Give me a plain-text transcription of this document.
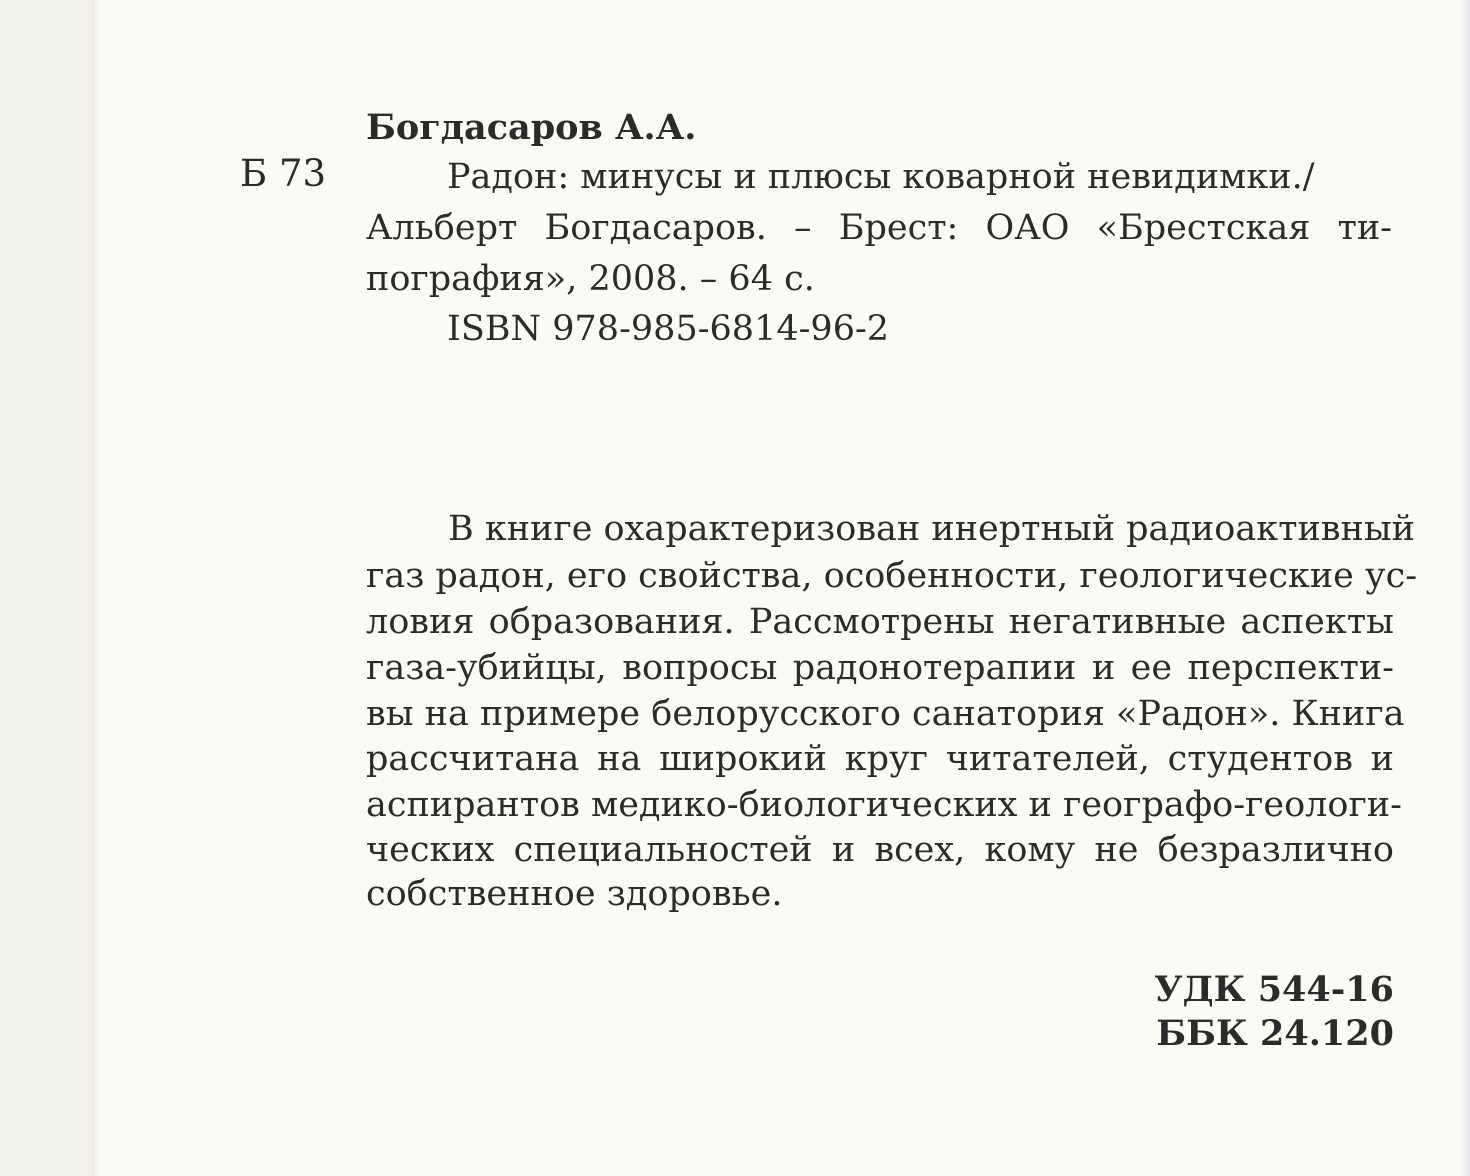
Богдасаров А.А.
Б 73	Радон: минусы и плюсы коварной невидимки./
Альберт Богдасаров. – Брест: ОАО «Брестская ти-
пография», 2008. – 64 с.
ISBN 978-985-6814-96-2
В книге охарактеризован инертный радиоактивный
газ радон, его свойства, особенности, геологические ус-
ловия образования. Рассмотрены негативные аспекты
газа-убийцы, вопросы радонотерапии и ее перспекти-
вы на примере белорусского санатория «Радон». Книга
рассчитана на широкий круг читателей, студентов и
аспирантов медико-биологических и географо-геологи-
ческих специальностей и всех, кому не безразлично
собственное здоровье.
УДК 544-16
ББК 24.120
